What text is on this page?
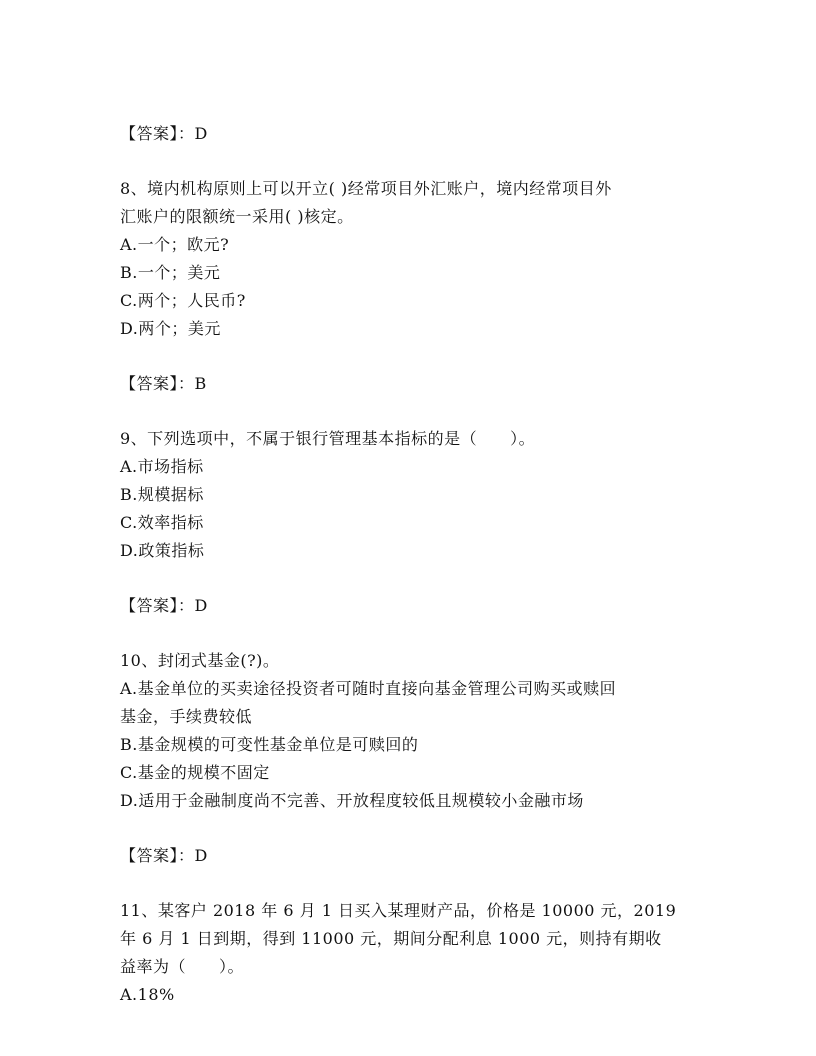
【答案】：D
8、境内机构原则上可以开立( )经常项目外汇账户，境内经常项目外
汇账户的限额统一采用( )核定。
A.一个；欧元?
B.一个；美元
C.两个；人民币?
D.两个；美元
【答案】：B
9、下列选项中，不属于银行管理基本指标的是（　　）。
A.市场指标
B.规模据标
C.效率指标
D.政策指标
【答案】：D
10、封闭式基金(?)。
A.基金单位的买卖途径投资者可随时直接向基金管理公司购买或赎回
基金，手续费较低
B.基金规模的可变性基金单位是可赎回的
C.基金的规模不固定
D.适用于金融制度尚不完善、开放程度较低且规模较小金融市场
【答案】：D
11、某客户 2018 年 6 月 1 日买入某理财产品，价格是 10000 元，2019
年 6 月 1 日到期，得到 11000 元，期间分配利息 1000 元，则持有期收
益率为（　　）。
A.18%
